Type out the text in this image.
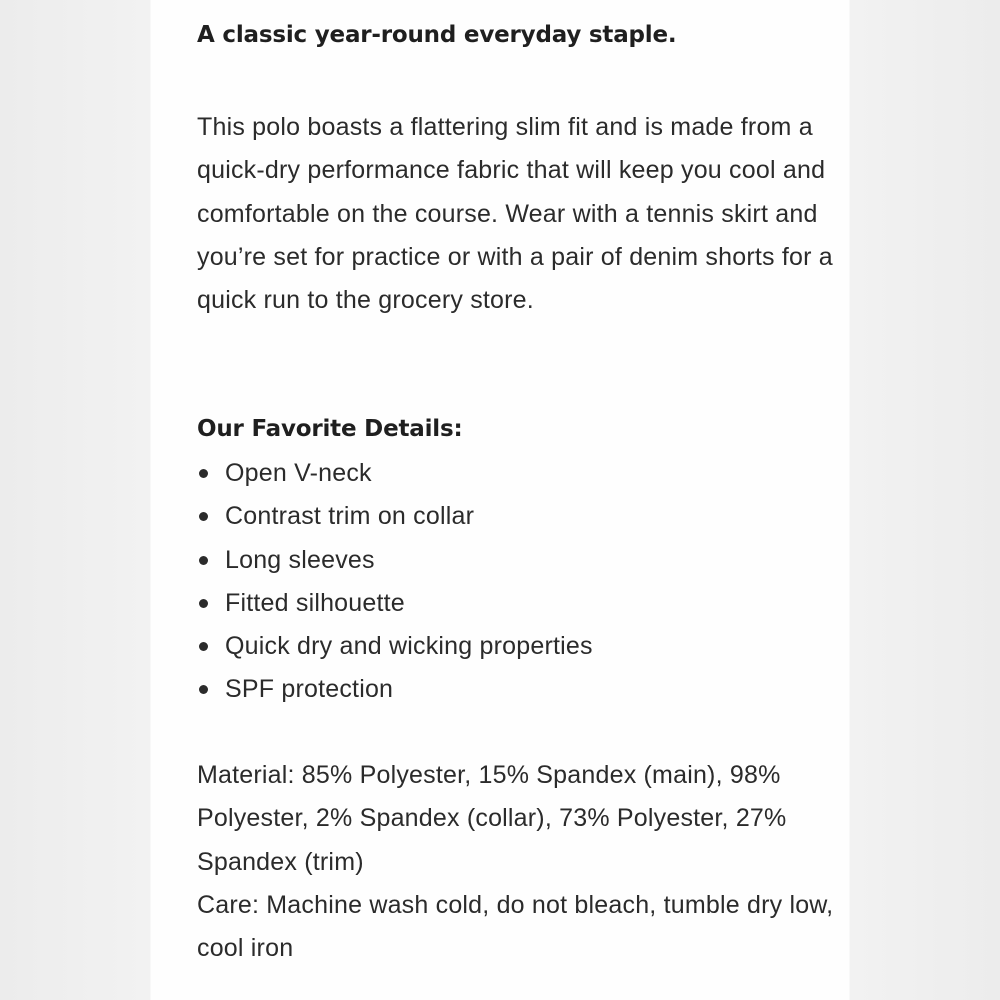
A classic year-round everyday staple.

This polo boasts a flattering slim fit and is made from a quick-dry performance fabric that will keep you cool and comfortable on the course. Wear with a tennis skirt and you’re set for practice or with a pair of denim shorts for a quick run to the grocery store.

Our Favorite Details:
Open V-neck
Contrast trim on collar
Long sleeves
Fitted silhouette
Quick dry and wicking properties
SPF protection

Material: 85% Polyester, 15% Spandex (main), 98% Polyester, 2% Spandex (collar), 73% Polyester, 27% Spandex (trim)

Care: Machine wash cold, do not bleach, tumble dry low, cool iron
